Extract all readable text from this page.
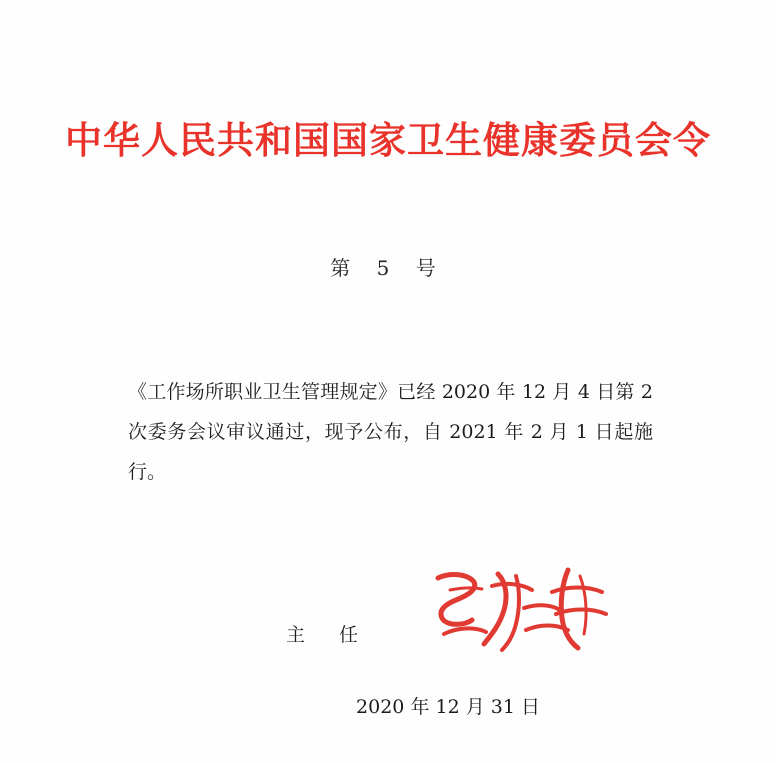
中华人民共和国国家卫生健康委员会令
第 5 号
《工作场所职业卫生管理规定》已经 2020 年 12 月 4 日第 2 次委务会议审议通过，现予公布，自 2021 年 2 月 1 日起施行。
主 任
2020 年 12 月 31 日
